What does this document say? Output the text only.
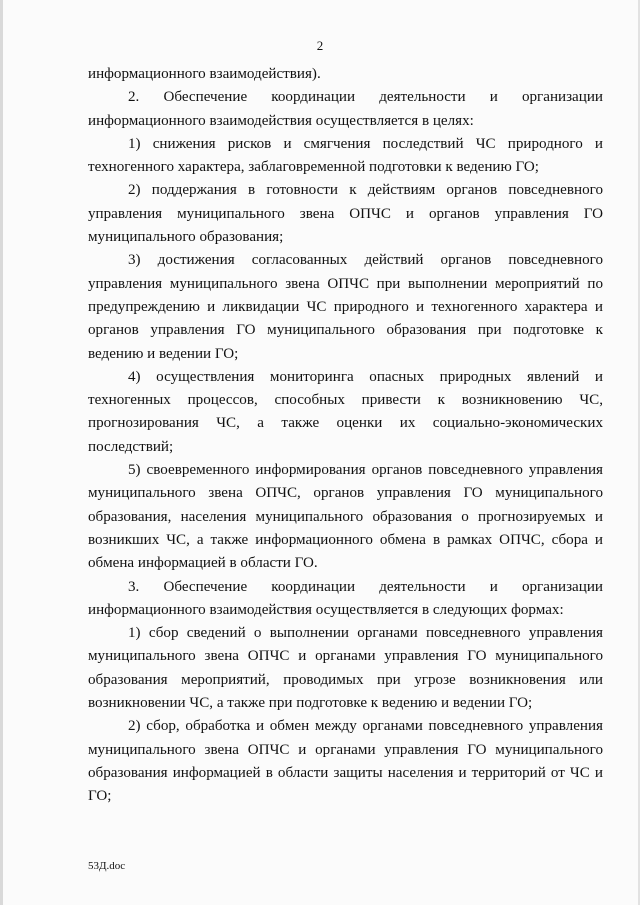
2

информационного взаимодействия).

2. Обеспечение координации деятельности и организации информационного взаимодействия осуществляется в целях:

1) снижения рисков и смягчения последствий ЧС природного и техногенного характера, заблаговременной подготовки к ведению ГО;

2) поддержания в готовности к действиям органов повседневного управления муниципального звена ОПЧС и органов управления ГО муниципального образования;

3) достижения согласованных действий органов повседневного управления муниципального звена ОПЧС при выполнении мероприятий по предупреждению и ликвидации ЧС природного и техногенного характера и органов управления ГО муниципального образования при подготовке к ведению и ведении ГО;

4) осуществления мониторинга опасных природных явлений и техногенных процессов, способных привести к возникновению ЧС, прогнозирования ЧС, а также оценки их социально-экономических последствий;

5) своевременного информирования органов повседневного управления муниципального звена ОПЧС, органов управления ГО муниципального образования, населения муниципального образования о прогнозируемых и возникших ЧС, а также информационного обмена в рамках ОПЧС, сбора и обмена информацией в области ГО.

3. Обеспечение координации деятельности и организации информационного взаимодействия осуществляется в следующих формах:

1) сбор сведений о выполнении органами повседневного управления муниципального звена ОПЧС и органами управления ГО муниципального образования мероприятий, проводимых при угрозе возникновения или возникновении ЧС, а также при подготовке к ведению и ведении ГО;

2) сбор, обработка и обмен между органами повседневного управления муниципального звена ОПЧС и органами управления ГО муниципального образования информацией в области защиты населения и территорий от ЧС и ГО;

53Д.doc
